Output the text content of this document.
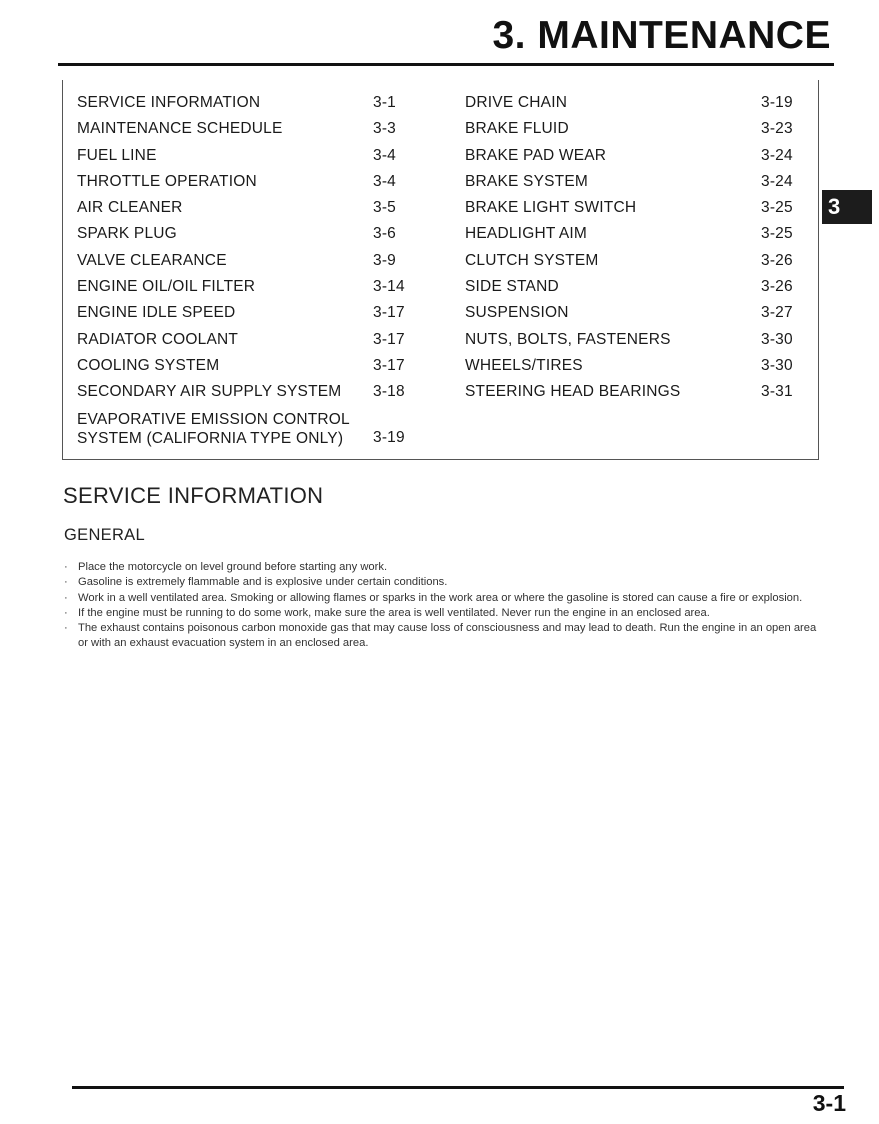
3. MAINTENANCE
SERVICE INFORMATION	3-1
MAINTENANCE SCHEDULE	3-3
FUEL LINE	3-4
THROTTLE OPERATION	3-4
AIR CLEANER	3-5
SPARK PLUG	3-6
VALVE CLEARANCE	3-9
ENGINE OIL/OIL FILTER	3-14
ENGINE IDLE SPEED	3-17
RADIATOR COOLANT	3-17
COOLING SYSTEM	3-17
SECONDARY AIR SUPPLY SYSTEM 3-18
EVAPORATIVE EMISSION CONTROL SYSTEM (CALIFORNIA TYPE ONLY)	3-19
DRIVE CHAIN	3-19
BRAKE FLUID	3-23
BRAKE PAD WEAR	3-24
BRAKE SYSTEM	3-24
BRAKE LIGHT SWITCH	3-25
HEADLIGHT AIM	3-25
CLUTCH SYSTEM	3-26
SIDE STAND	3-26
SUSPENSION	3-27
NUTS, BOLTS, FASTENERS	3-30
WHEELS/TIRES	3-30
STEERING HEAD BEARINGS	3-31
3
SERVICE INFORMATION
GENERAL
· Place the motorcycle on level ground before starting any work.
· Gasoline is extremely flammable and is explosive under certain conditions.
· Work in a well ventilated area. Smoking or allowing flames or sparks in the work area or where the gasoline is stored can cause a fire or explosion.
· If the engine must be running to do some work, make sure the area is well ventilated. Never run the engine in an enclosed area.
· The exhaust contains poisonous carbon monoxide gas that may cause loss of consciousness and may lead to death. Run the engine in an open area or with an exhaust evacuation system in an enclosed area.
3-1
